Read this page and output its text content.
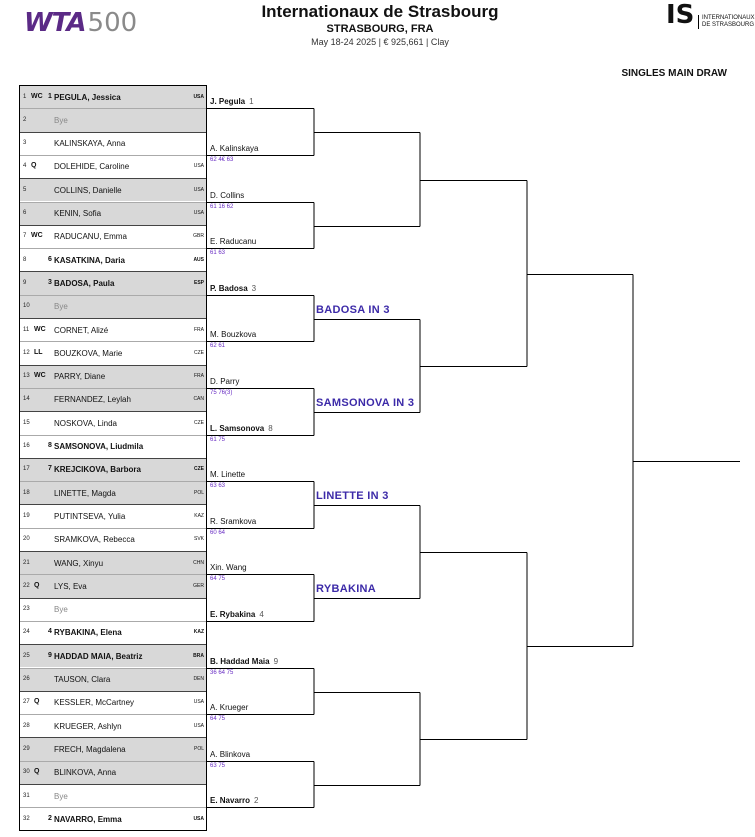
WTA500	Internationaux de Strasbourg
STRASBOURG, FRA
May 18-24 2025 | € 925,661 | Clay
IS	INTERNATIONAUX DE STRASBOURG
SINGLES MAIN DRAW
1 WC 1 PEGULA, Jessica	USA
2	Bye
3	KALINSKAYA, Anna
4 Q DOLEHIDE, Caroline	USA
5	COLLINS, Danielle	USA
6	KENIN, Sofia	USA
7 WC RADUCANU, Emma	GBR
8	6 KASATKINA, Daria	AUS
9	3 BADOSA, Paula	ESP
10	Bye
11 WC CORNET, Alizé	FRA
12 LL BOUZKOVA, Marie	CZE
13 WC PARRY, Diane	FRA
14	FERNANDEZ, Leylah	CAN
15	NOSKOVA, Linda	CZE
16	8 SAMSONOVA, Liudmila
17	7 KREJCIKOVA, Barbora	CZE
18	LINETTE, Magda	POL
19	PUTINTSEVA, Yulia	KAZ
20	SRAMKOVA, Rebecca	SVK
21	WANG, Xinyu	CHN
22 Q LYS, Eva	GER
23	Bye
24	4 RYBAKINA, Elena	KAZ
25	9 HADDAD MAIA, Beatriz	BRA
26	TAUSON, Clara	DEN
27 Q KESSLER, McCartney	USA
28	KRUEGER, Ashlyn	USA
29	FRECH, Magdalena	POL
30 Q BLINKOVA, Anna
31	Bye
32	2 NAVARRO, Emma	USA
J. Pegula 1
A. Kalinskaya
62 4€ 63
D. Collins
61 16 62
E. Raducanu
61 63
P. Badosa 3
M. Bouzkova
62 61
D. Parry
75 76(3)
L. Samsonova 8
61 75
M. Linette
63 63
R. Sramkova
60 64
Xin. Wang
64 75
E. Rybakina 4
B. Haddad Maia 9
36 64 75
A. Krueger
64 75
A. Blinkova
63 75
E. Navarro 2
BADOSA IN 3
SAMSONOVA IN 3
LINETTE IN 3
RYBAKINA
